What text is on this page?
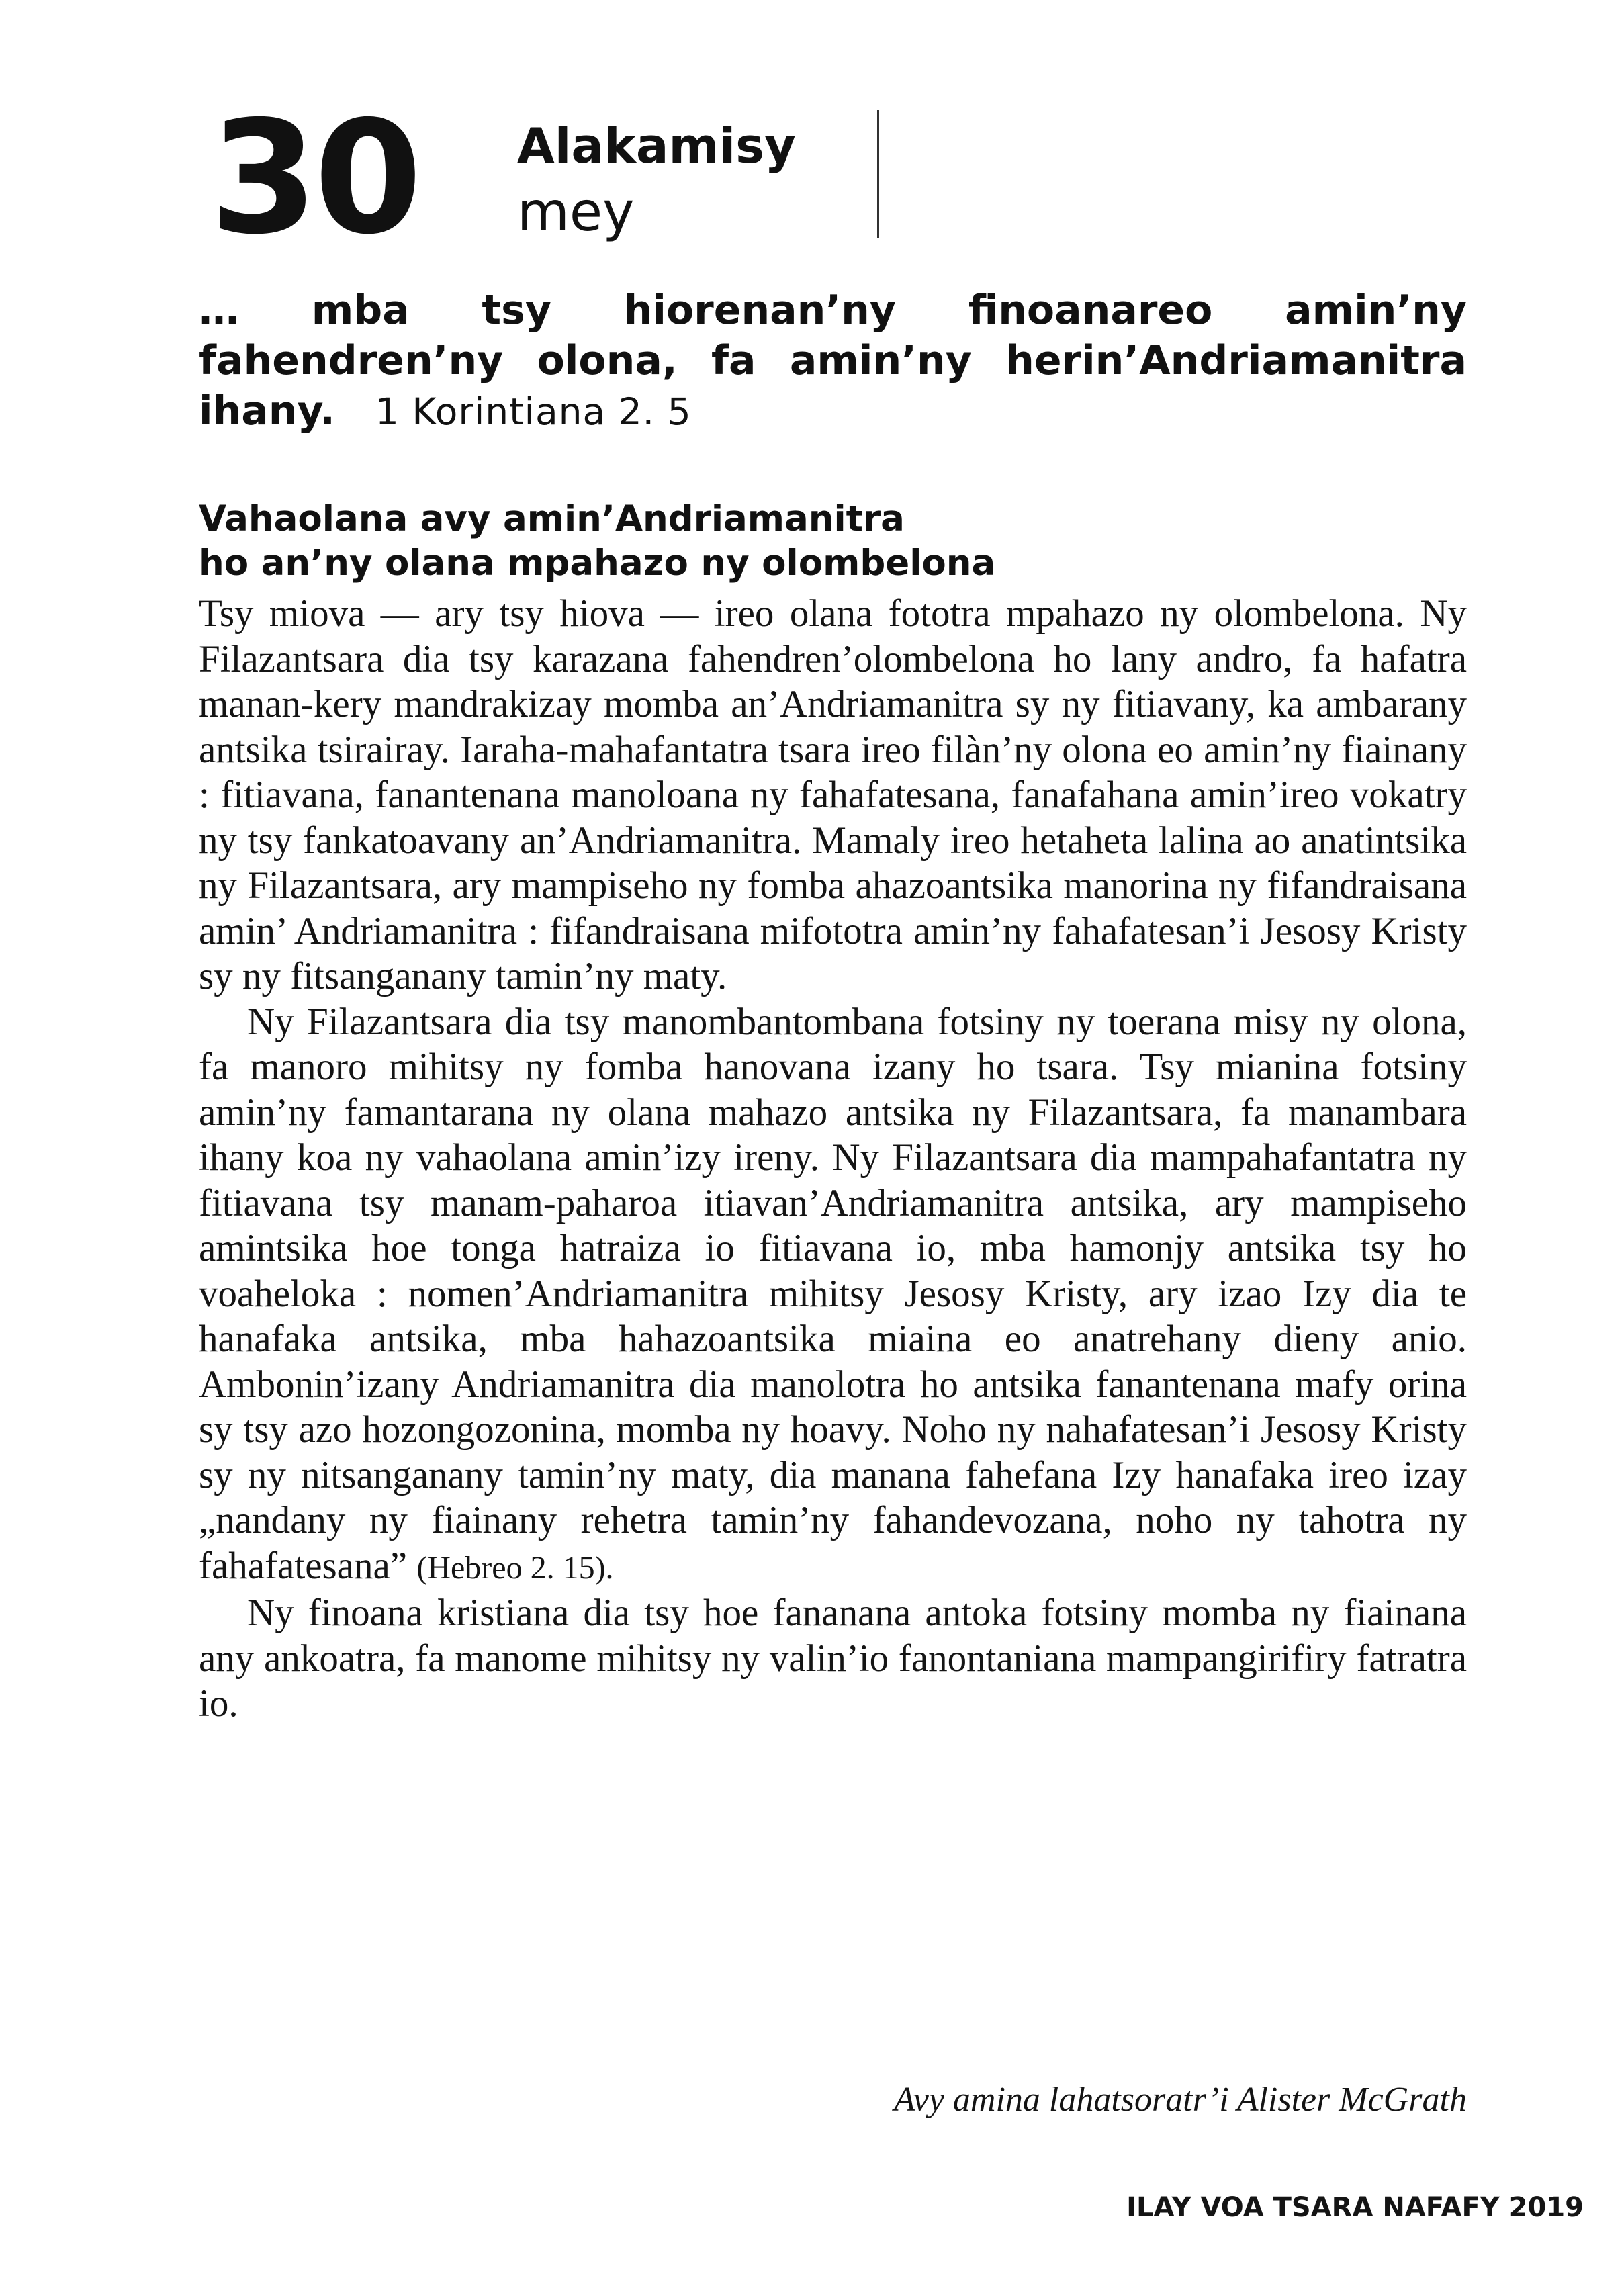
30 Alakamisy
mey
… mba tsy hiorenan’ny finoanareo amin’ny fahendren’ny olona, fa amin’ny herin’Andriamanitra ihany. 1 Korintiana 2. 5
Vahaolana avy amin’Andriamanitra
ho an’ny olana mpahazo ny olombelona

Tsy miova — ary tsy hiova — ireo olana fototra mpahazo ny olombelona. Ny Filazantsara dia tsy karazana fahendren’olombelona ho lany andro, fa hafatra manan-kery mandrakizay momba an’Andriamanitra sy ny fitiavany, ka ambarany antsika tsirairay. Iaraha-mahafantatra tsara ireo filàn’ny olona eo amin’ny fiainany : fitiavana, fanantenana manoloana ny fahafatesana, fanafahana amin’ireo vokatry ny tsy fankatoavany an’Andriamanitra. Mamaly ireo hetaheta lalina ao anatintsika ny Filazantsara, ary mampiseho ny fomba ahazoantsika manorina ny fifandraisana amin’ Andriamanitra : fifandraisana mifototra amin’ny fahafatesan’i Jesosy Kristy sy ny fitsanganany tamin’ny maty.

Ny Filazantsara dia tsy manombantombana fotsiny ny toerana misy ny olona, fa manoro mihitsy ny fomba hanovana izany ho tsara. Tsy mianina fotsiny amin’ny famantarana ny olana mahazo antsika ny Filazantsara, fa manambara ihany koa ny vahaolana amin’izy ireny. Ny Filazantsara dia mampahafantatra ny fitiavana tsy manam-paharoa itiavan’Andriamanitra antsika, ary mampiseho amintsika hoe tonga hatraiza io fitiavana io, mba hamonjy antsika tsy ho voaheloka : nomen’Andriamanitra mihitsy Jesosy Kristy, ary izao Izy dia te hanafaka antsika, mba hahazoantsika miaina eo anatrehany dieny anio. Ambonin’izany Andriamanitra dia manolotra ho antsika fanantenana mafy orina sy tsy azo hozongozonina, momba ny hoavy. Noho ny nahafatesan’i Jesosy Kristy sy ny nitsanganany tamin’ny maty, dia manana fahefana Izy hanafaka ireo izay „nandany ny fiainany rehetra tamin’ny fahandevozana, noho ny tahotra ny fahafatesana” (Hebreo 2. 15).

Ny finoana kristiana dia tsy hoe fananana antoka fotsiny momba ny fiainana any ankoatra, fa manome mihitsy ny valin’io fanontaniana mampangirifiry fatratra io.

Avy amina lahatsoratr’i Alister McGrath
ILAY VOA TSARA NAFAFY 2019
